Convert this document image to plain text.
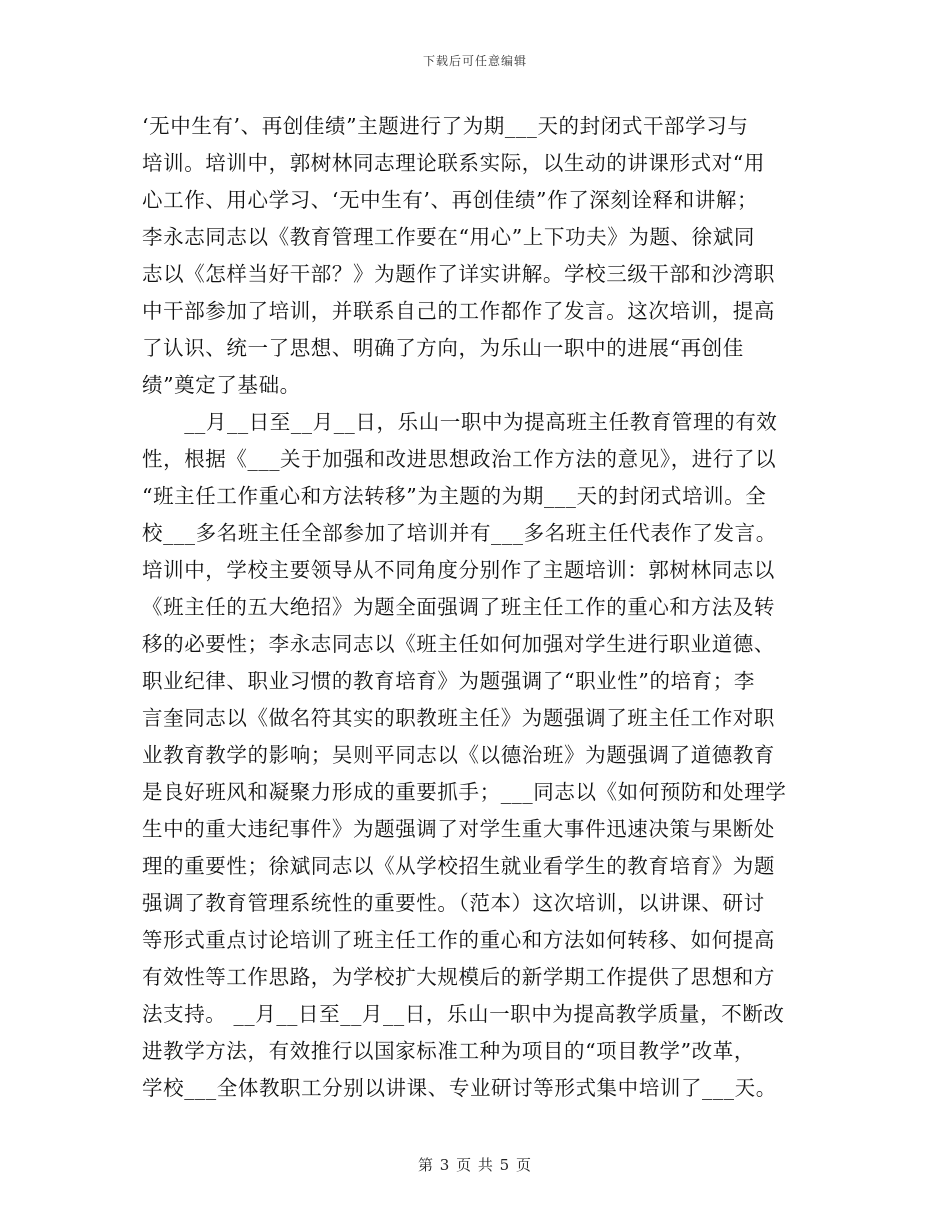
下载后可任意编辑
‘无中生有’、再创佳绩”主题进行了为期___天的封闭式干部学习与
培训。培训中，郭树林同志理论联系实际，以生动的讲课形式对“用
心工作、用心学习、‘无中生有’、再创佳绩”作了深刻诠释和讲解；
李永志同志以《教育管理工作要在“用心”上下功夫》为题、徐斌同
志以《怎样当好干部？》为题作了详实讲解。学校三级干部和沙湾职
中干部参加了培训，并联系自己的工作都作了发言。这次培训，提高
了认识、统一了思想、明确了方向，为乐山一职中的进展“再创佳
绩”奠定了基础。
　　__月__日至__月__日，乐山一职中为提高班主任教育管理的有效
性，根据《___关于加强和改进思想政治工作方法的意见》，进行了以
“班主任工作重心和方法转移”为主题的为期___天的封闭式培训。全
校___多名班主任全部参加了培训并有___多名班主任代表作了发言。
培训中，学校主要领导从不同角度分别作了主题培训：郭树林同志以
《班主任的五大绝招》为题全面强调了班主任工作的重心和方法及转
移的必要性；李永志同志以《班主任如何加强对学生进行职业道德、
职业纪律、职业习惯的教育培育》为题强调了“职业性”的培育；李
言奎同志以《做名符其实的职教班主任》为题强调了班主任工作对职
业教育教学的影响；吴则平同志以《以德治班》为题强调了道德教育
是良好班风和凝聚力形成的重要抓手；___同志以《如何预防和处理学
生中的重大违纪事件》为题强调了对学生重大事件迅速决策与果断处
理的重要性；徐斌同志以《从学校招生就业看学生的教育培育》为题
强调了教育管理系统性的重要性。（范本）这次培训，以讲课、研讨
等形式重点讨论培训了班主任工作的重心和方法如何转移、如何提高
有效性等工作思路，为学校扩大规模后的新学期工作提供了思想和方
法支持。 __月__日至__月__日，乐山一职中为提高教学质量，不断改
进教学方法，有效推行以国家标准工种为项目的“项目教学”改革，
学校___全体教职工分别以讲课、专业研讨等形式集中培训了___天。
第 3 页 共 5 页
